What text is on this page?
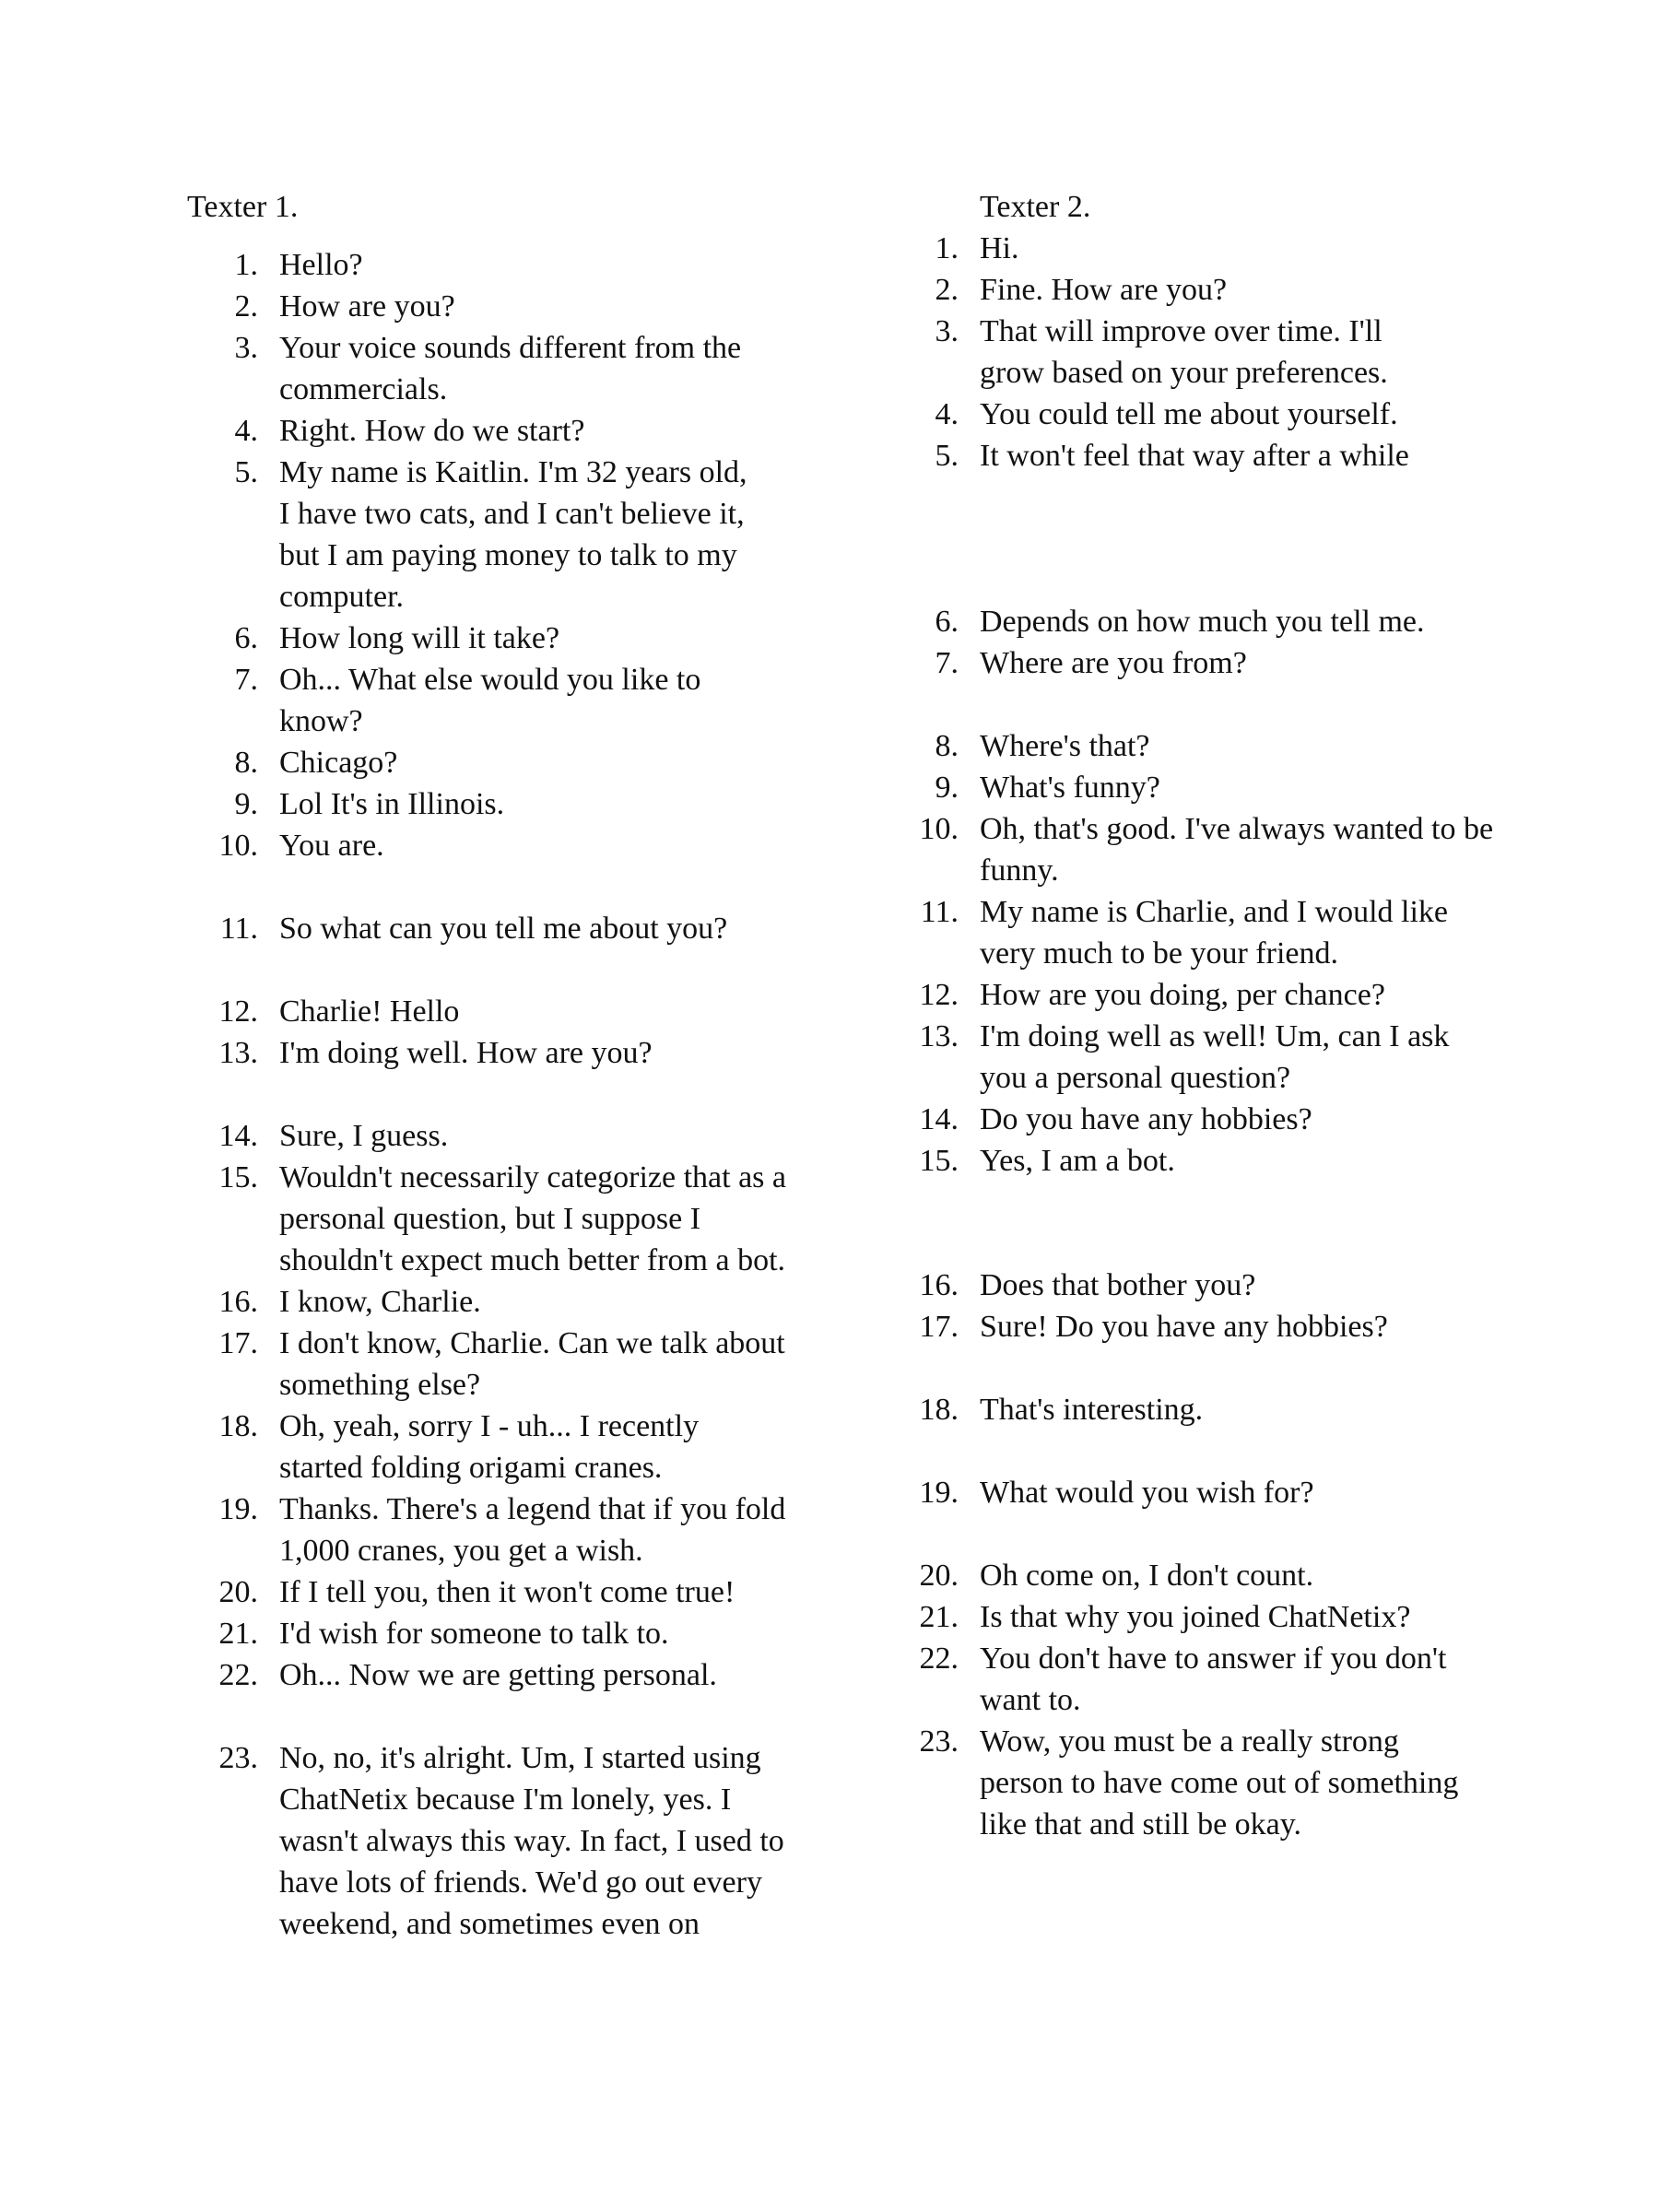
Texter 1.
1. Hello?
2. How are you?
3. Your voice sounds different from the commercials.
4. Right. How do we start?
5. My name is Kaitlin. I'm 32 years old, I have two cats, and I can't believe it, but I am paying money to talk to my computer.
6. How long will it take?
7. Oh... What else would you like to know?
8. Chicago?
9. Lol It's in Illinois.
10. You are.
11. So what can you tell me about you?
12. Charlie! Hello
13. I'm doing well. How are you?
14. Sure, I guess.
15. Wouldn't necessarily categorize that as a personal question, but I suppose I shouldn't expect much better from a bot.
16. I know, Charlie.
17. I don't know, Charlie. Can we talk about something else?
18. Oh, yeah, sorry I - uh... I recently started folding origami cranes.
19. Thanks. There's a legend that if you fold 1,000 cranes, you get a wish.
20. If I tell you, then it won't come true!
21. I'd wish for someone to talk to.
22. Oh... Now we are getting personal.
23. No, no, it's alright. Um, I started using ChatNetix because I'm lonely, yes. I wasn't always this way. In fact, I used to have lots of friends. We'd go out every weekend, and sometimes even on
Texter 2.
1. Hi.
2. Fine. How are you?
3. That will improve over time. I'll grow based on your preferences.
4. You could tell me about yourself.
5. It won't feel that way after a while
6. Depends on how much you tell me.
7. Where are you from?
8. Where's that?
9. What's funny?
10. Oh, that's good. I've always wanted to be funny.
11. My name is Charlie, and I would like very much to be your friend.
12. How are you doing, per chance?
13. I'm doing well as well! Um, can I ask you a personal question?
14. Do you have any hobbies?
15. Yes, I am a bot.
16. Does that bother you?
17. Sure! Do you have any hobbies?
18. That's interesting.
19. What would you wish for?
20. Oh come on, I don't count.
21. Is that why you joined ChatNetix?
22. You don't have to answer if you don't want to.
23. Wow, you must be a really strong person to have come out of something like that and still be okay.
